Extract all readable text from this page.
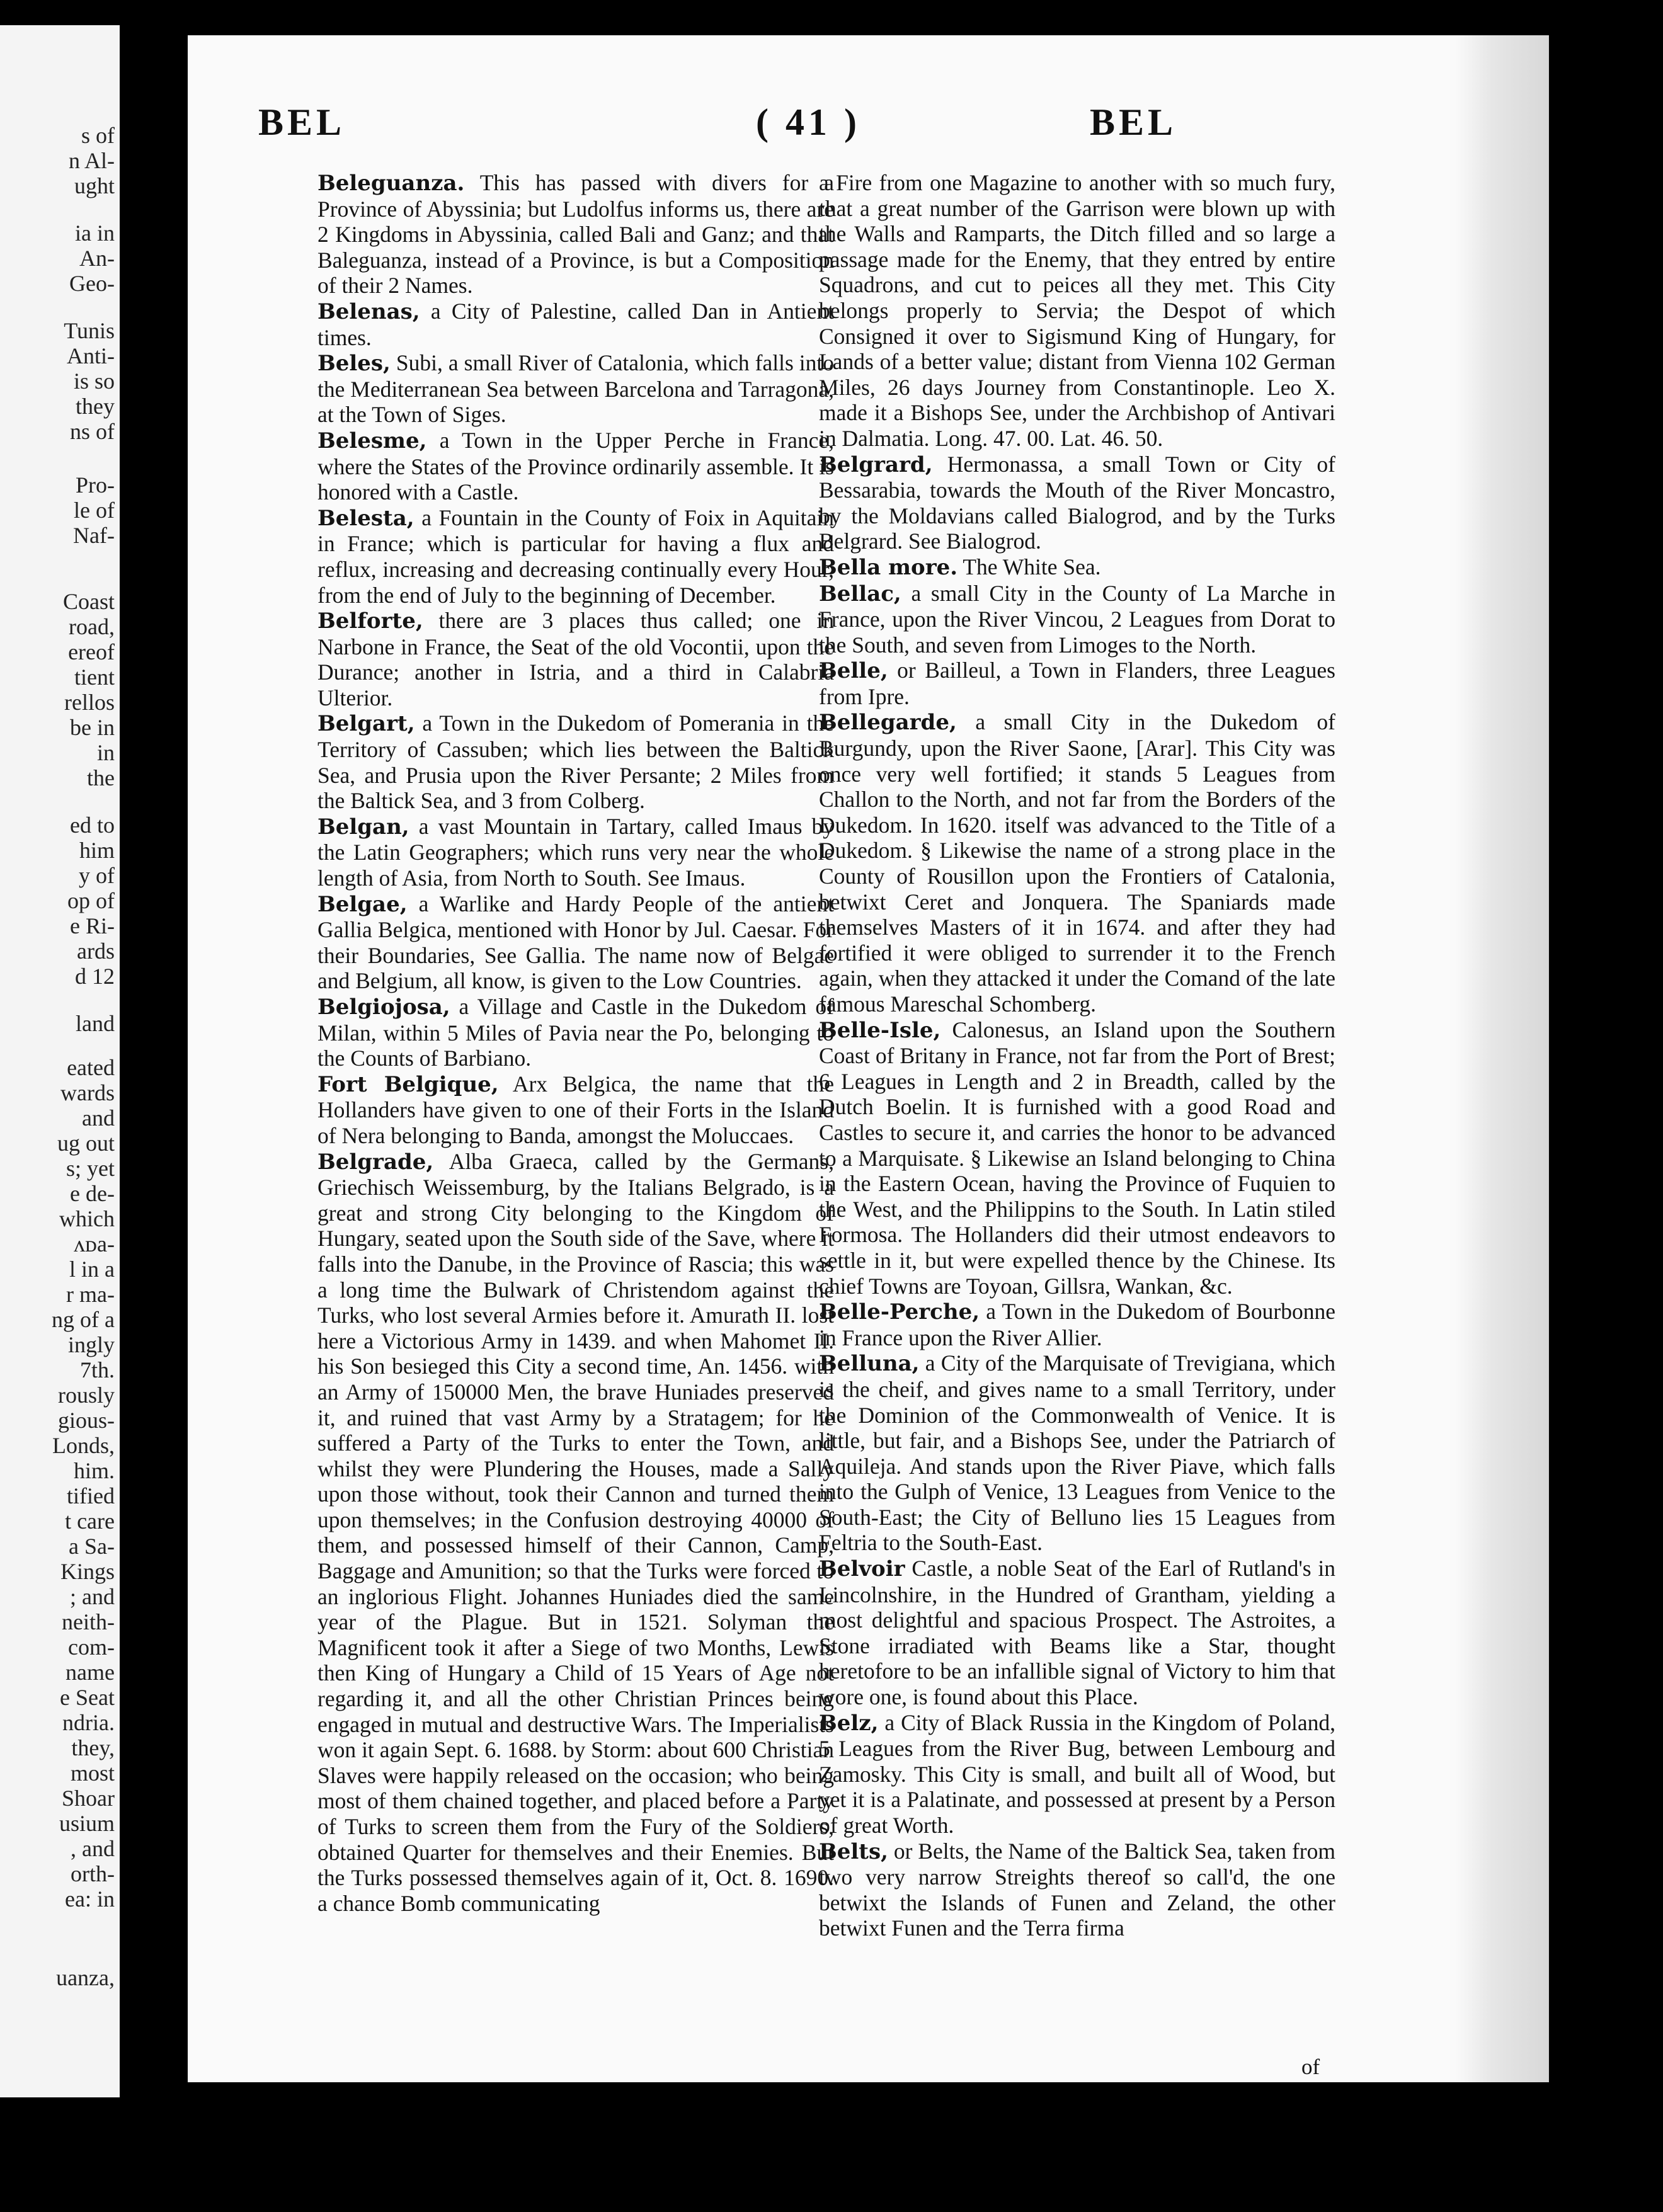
s of
n Al-
ught
ia in
An-
Geo-
Tunis
Anti-
is so
they
ns of
Pro-
le of
Naf-
Coast
road,
ereof
tient
rellos
be in
in
the
ed to
him
y of
op of
e Ri-
ards
d 12
land
eated
wards
and
ug out
s; yet
e de-
which
ᴧᴅa-
l in a
r ma-
ng of a
ingly
7th.
rously
gious-
Londs,
him.
tified
t care
a Sa-
Kings
; and
neith-
com-
name
e Seat
ndria.
they,
most
Shoar
usium
, and
orth-
ea: in
uanza,
BEL	( 41 )	BEL

Beleguanza. This has passed with divers for a Province of Abyssinia; but Ludolfus informs us, there are 2 Kingdoms in Abyssinia, called Bali and Ganz; and that Baleguanza, instead of a Province, is but a Composition of their 2 Names.

Belenas, a City of Palestine, called Dan in Antient times.

Beles, Subi, a small River of Catalonia, which falls into the Mediterranean Sea between Barcelona and Tarragona, at the Town of Siges.

Belesme, a Town in the Upper Perche in France, where the States of the Province ordinarily assemble. It is honored with a Castle.

Belesta, a Fountain in the County of Foix in Aquitain in France; which is particular for having a flux and reflux, increasing and decreasing continually every Hour, from the end of July to the beginning of December.

Belforte, there are 3 places thus called; one in Narbone in France, the Seat of the old Vocontii, upon the Durance; another in Istria, and a third in Calabria Ulterior.

Belgart, a Town in the Dukedom of Pomerania in the Territory of Cassuben; which lies between the Baltick Sea, and Prusia upon the River Persante; 2 Miles from the Baltick Sea, and 3 from Colberg.

Belgan, a vast Mountain in Tartary, called Imaus by the Latin Geographers; which runs very near the whole length of Asia, from North to South. See Imaus.

Belgae, a Warlike and Hardy People of the antient Gallia Belgica, mentioned with Honor by Jul. Caesar. For their Boundaries, See Gallia. The name now of Belgae and Belgium, all know, is given to the Low Countries.

Belgiojosa, a Village and Castle in the Dukedom of Milan, within 5 Miles of Pavia near the Po, belonging to the Counts of Barbiano.

Fort Belgique, Arx Belgica, the name that the Hollanders have given to one of their Forts in the Island of Nera belonging to Banda, amongst the Moluccaes.

Belgrade, Alba Graeca, called by the Germans, Griechisch Weissemburg, by the Italians Belgrado, is a great and strong City belonging to the Kingdom of Hungary, seated upon the South side of the Save, where it falls into the Danube, in the Province of Rascia; this was a long time the Bulwark of Christendom against the Turks, who lost several Armies before it. Amurath II. lost here a Victorious Army in 1439. and when Mahomet II. his Son besieged this City a second time, An. 1456. with an Army of 150000 Men, the brave Huniades preserved it, and ruined that vast Army by a Stratagem; for he suffered a Party of the Turks to enter the Town, and whilst they were Plundering the Houses, made a Sally upon those without, took their Cannon and turned them upon themselves; in the Confusion destroying 40000 of them, and possessed himself of their Cannon, Camp, Baggage and Amunition; so that the Turks were forced to an inglorious Flight. Johannes Huniades died the same year of the Plague. But in 1521. Solyman the Magnificent took it after a Siege of two Months, Lewis then King of Hungary a Child of 15 Years of Age not regarding it, and all the other Christian Princes being engaged in mutual and destructive Wars. The Imperialists won it again Sept. 6. 1688. by Storm: about 600 Christian Slaves were happily released on the occasion; who being most of them chained together, and placed before a Party of Turks to screen them from the Fury of the Soldiers, obtained Quarter for themselves and their Enemies. But the Turks possessed themselves again of it, Oct. 8. 1690. a chance Bomb communicating

a Fire from one Magazine to another with so much fury, that a great number of the Garrison were blown up with the Walls and Ramparts, the Ditch filled and so large a passage made for the Enemy, that they entred by entire Squadrons, and cut to peices all they met. This City belongs properly to Servia; the Despot of which Consigned it over to Sigismund King of Hungary, for Lands of a better value; distant from Vienna 102 German Miles, 26 days Journey from Constantinople. Leo X. made it a Bishops See, under the Archbishop of Antivari in Dalmatia. Long. 47. 00. Lat. 46. 50.

Belgrard, Hermonassa, a small Town or City of Bessarabia, towards the Mouth of the River Moncastro, by the Moldavians called Bialogrod, and by the Turks Belgrard. See Bialogrod.

Bella more. The White Sea.

Bellac, a small City in the County of La Marche in France, upon the River Vincou, 2 Leagues from Dorat to the South, and seven from Limoges to the North.

Belle, or Bailleul, a Town in Flanders, three Leagues from Ipre.

Bellegarde, a small City in the Dukedom of Burgundy, upon the River Saone, [Arar]. This City was once very well fortified; it stands 5 Leagues from Challon to the North, and not far from the Borders of the Dukedom. In 1620. itself was advanced to the Title of a Dukedom. § Likewise the name of a strong place in the County of Rousillon upon the Frontiers of Catalonia, betwixt Ceret and Jonquera. The Spaniards made themselves Masters of it in 1674. and after they had fortified it were obliged to surrender it to the French again, when they attacked it under the Comand of the late famous Mareschal Schomberg.

Belle-Isle, Calonesus, an Island upon the Southern Coast of Britany in France, not far from the Port of Brest; 6 Leagues in Length and 2 in Breadth, called by the Dutch Boelin. It is furnished with a good Road and Castles to secure it, and carries the honor to be advanced to a Marquisate. § Likewise an Island belonging to China in the Eastern Ocean, having the Province of Fuquien to the West, and the Philippins to the South. In Latin stiled Formosa. The Hollanders did their utmost endeavors to settle in it, but were expelled thence by the Chinese. Its chief Towns are Toyoan, Gillsra, Wankan, &c.

Belle-Perche, a Town in the Dukedom of Bourbonne in France upon the River Allier.

Belluna, a City of the Marquisate of Trevigiana, which is the cheif, and gives name to a small Territory, under the Dominion of the Commonwealth of Venice. It is little, but fair, and a Bishops See, under the Patriarch of Aquileja. And stands upon the River Piave, which falls into the Gulph of Venice, 13 Leagues from Venice to the South-East; the City of Belluno lies 15 Leagues from Feltria to the South-East.

Belvoir Castle, a noble Seat of the Earl of Rutland's in Lincolnshire, in the Hundred of Grantham, yielding a most delightful and spacious Prospect. The Astroites, a Stone irradiated with Beams like a Star, thought heretofore to be an infallible signal of Victory to him that wore one, is found about this Place.

Belz, a City of Black Russia in the Kingdom of Poland, 5 Leagues from the River Bug, between Lembourg and Zamosky. This City is small, and built all of Wood, but yet it is a Palatinate, and possessed at present by a Person of great Worth.

Belts, or Belts, the Name of the Baltick Sea, taken from two very narrow Streights thereof so call'd, the one betwixt the Islands of Funen and Zeland, the other betwixt Funen and the Terra firma

of
